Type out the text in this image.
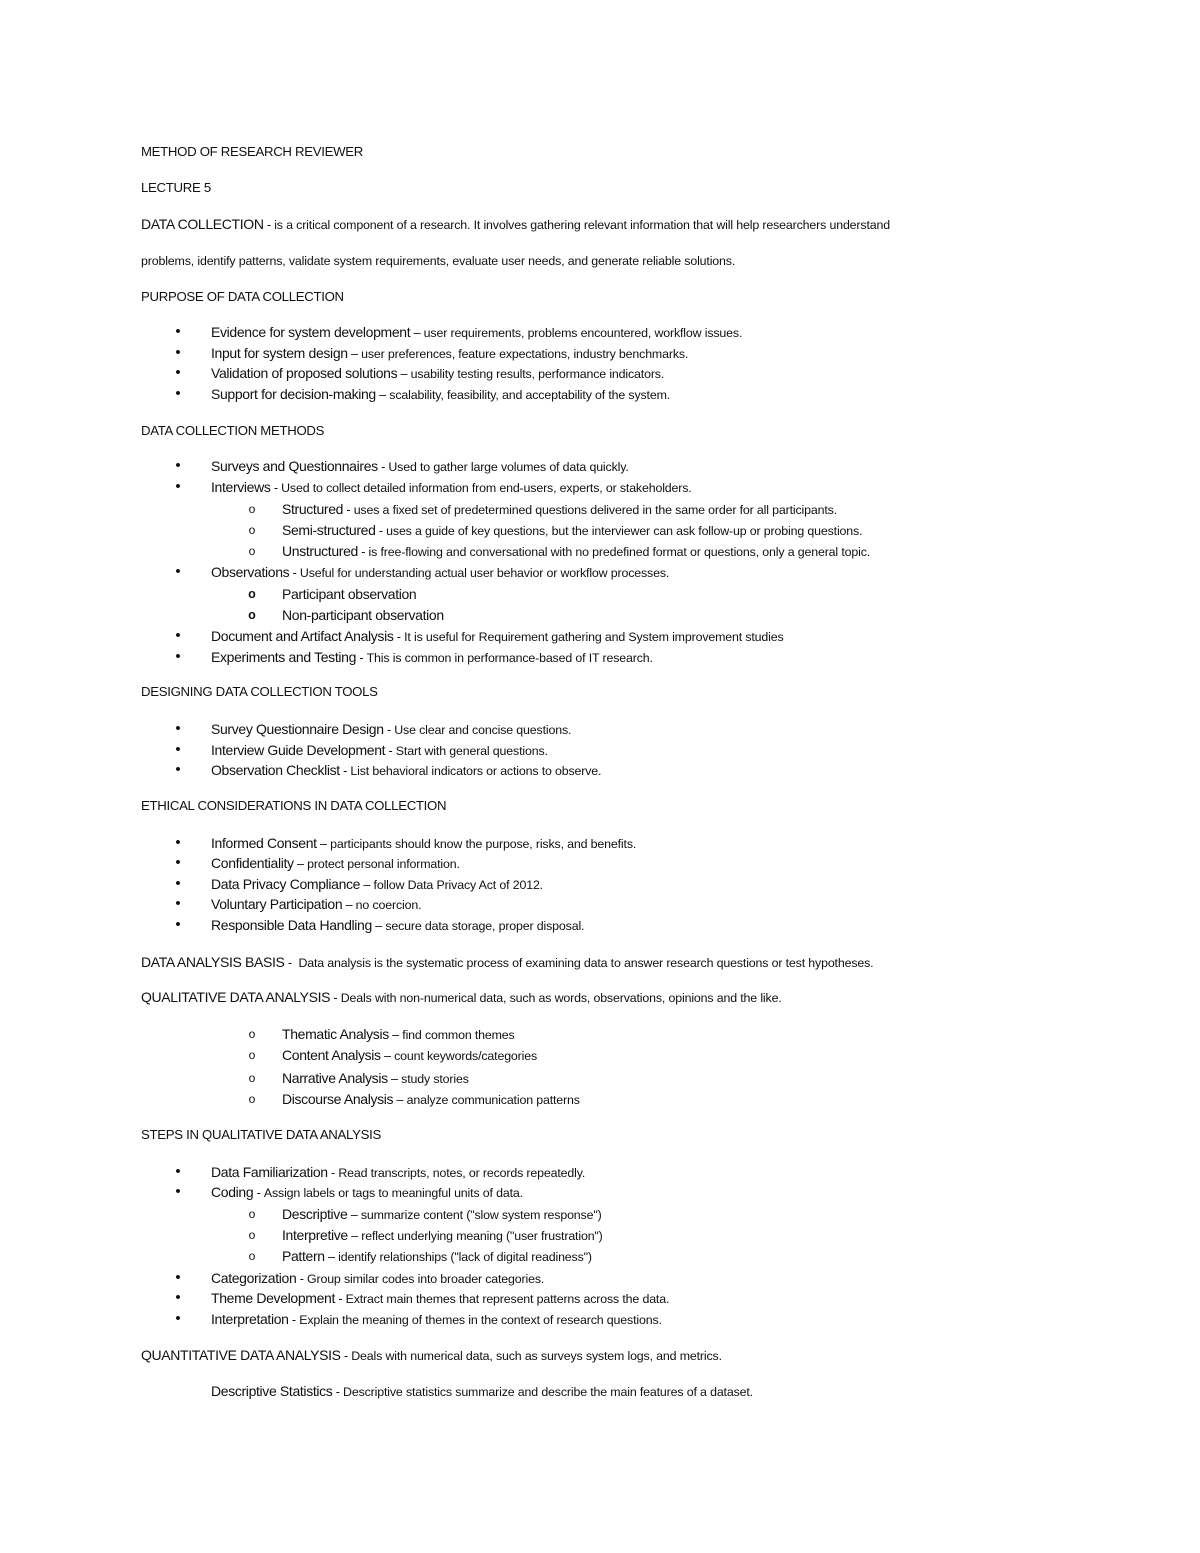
METHOD OF RESEARCH REVIEWER
LECTURE 5
DATA COLLECTION - is a critical component of a research. It involves gathering relevant information that will help researchers understand
problems, identify patterns, validate system requirements, evaluate user needs, and generate reliable solutions.
PURPOSE OF DATA COLLECTION
•
Evidence for system development – user requirements, problems encountered, workflow issues.
•
Input for system design – user preferences, feature expectations, industry benchmarks.
•
Validation of proposed solutions – usability testing results, performance indicators.
•
Support for decision-making – scalability, feasibility, and acceptability of the system.
DATA COLLECTION METHODS
•
Surveys and Questionnaires - Used to gather large volumes of data quickly.
•
Interviews - Used to collect detailed information from end-users, experts, or stakeholders.
o
Structured - uses a fixed set of predetermined questions delivered in the same order for all participants.
o
Semi-structured - uses a guide of key questions, but the interviewer can ask follow-up or probing questions.
o
Unstructured - is free-flowing and conversational with no predefined format or questions, only a general topic.
•
Observations - Useful for understanding actual user behavior or workflow processes.
o
Participant observation
o
Non-participant observation
•
Document and Artifact Analysis - It is useful for Requirement gathering and System improvement studies
•
Experiments and Testing - This is common in performance-based of IT research.
DESIGNING DATA COLLECTION TOOLS
•
Survey Questionnaire Design - Use clear and concise questions.
•
Interview Guide Development - Start with general questions.
•
Observation Checklist - List behavioral indicators or actions to observe.
ETHICAL CONSIDERATIONS IN DATA COLLECTION
•
Informed Consent – participants should know the purpose, risks, and benefits.
•
Confidentiality – protect personal information.
•
Data Privacy Compliance – follow Data Privacy Act of 2012.
•
Voluntary Participation – no coercion.
•
Responsible Data Handling – secure data storage, proper disposal.
DATA ANALYSIS BASIS -  Data analysis is the systematic process of examining data to answer research questions or test hypotheses.
QUALITATIVE DATA ANALYSIS - Deals with non-numerical data, such as words, observations, opinions and the like.
o
Thematic Analysis – find common themes
o
Content Analysis – count keywords/categories
o
Narrative Analysis – study stories
o
Discourse Analysis – analyze communication patterns
STEPS IN QUALITATIVE DATA ANALYSIS
•
Data Familiarization - Read transcripts, notes, or records repeatedly.
•
Coding - Assign labels or tags to meaningful units of data.
o
Descriptive – summarize content ("slow system response")
o
Interpretive – reflect underlying meaning ("user frustration")
o
Pattern – identify relationships ("lack of digital readiness")
•
Categorization - Group similar codes into broader categories.
•
Theme Development - Extract main themes that represent patterns across the data.
•
Interpretation - Explain the meaning of themes in the context of research questions.
QUANTITATIVE DATA ANALYSIS - Deals with numerical data, such as surveys system logs, and metrics.
Descriptive Statistics - Descriptive statistics summarize and describe the main features of a dataset.
